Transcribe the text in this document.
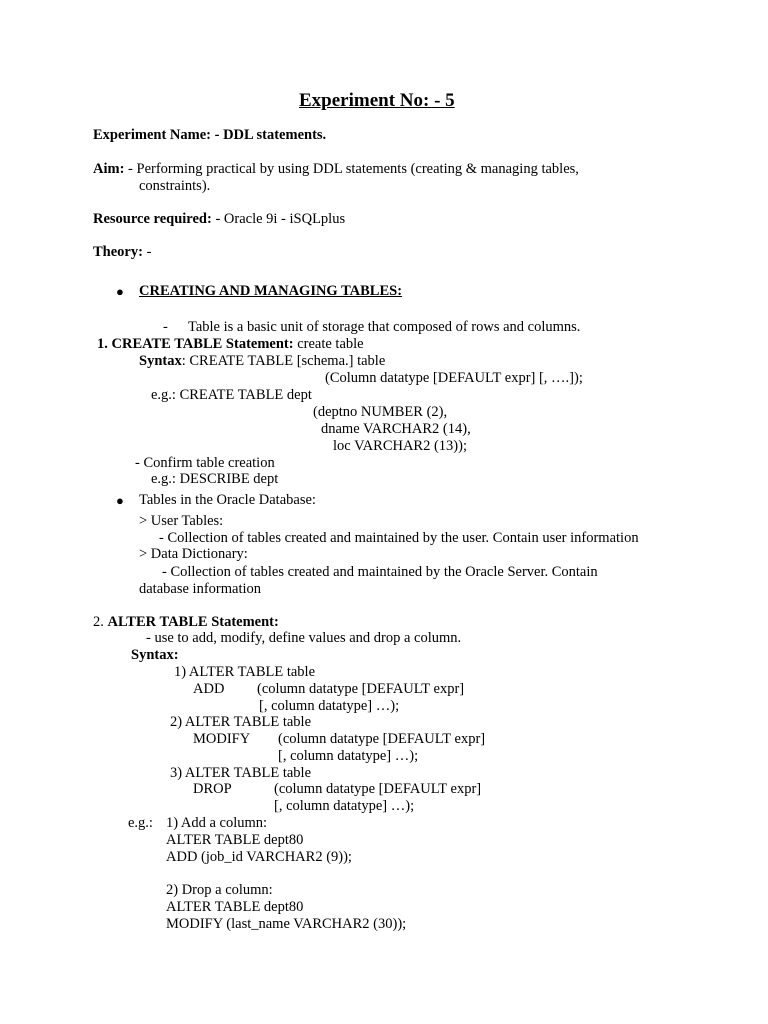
Experiment No: - 5
Experiment Name: - DDL statements.
Aim: - Performing practical by using DDL statements (creating & managing tables,
constraints).
Resource required: - Oracle 9i - iSQLplus
Theory: -
● CREATING AND MANAGING TABLES:
- Table is a basic unit of storage that composed of rows and columns.
1. CREATE TABLE Statement: create table
Syntax: CREATE TABLE [schema.] table
(Column datatype [DEFAULT expr] [, ….]);
e.g.: CREATE TABLE dept
(deptno NUMBER (2),
dname VARCHAR2 (14),
loc VARCHAR2 (13));
- Confirm table creation
e.g.: DESCRIBE dept
● Tables in the Oracle Database:
> User Tables:
- Collection of tables created and maintained by the user. Contain user information
> Data Dictionary:
- Collection of tables created and maintained by the Oracle Server. Contain
database information
2. ALTER TABLE Statement:
- use to add, modify, define values and drop a column.
Syntax:
1) ALTER TABLE table
ADD (column datatype [DEFAULT expr]
[, column datatype] …);
2) ALTER TABLE table
MODIFY (column datatype [DEFAULT expr]
[, column datatype] …);
3) ALTER TABLE table
DROP	(column datatype [DEFAULT expr]
[, column datatype] …);
e.g.: 1) Add a column:
ALTER TABLE dept80
ADD (job_id VARCHAR2 (9));
2) Drop a column:
ALTER TABLE dept80
MODIFY (last_name VARCHAR2 (30));
